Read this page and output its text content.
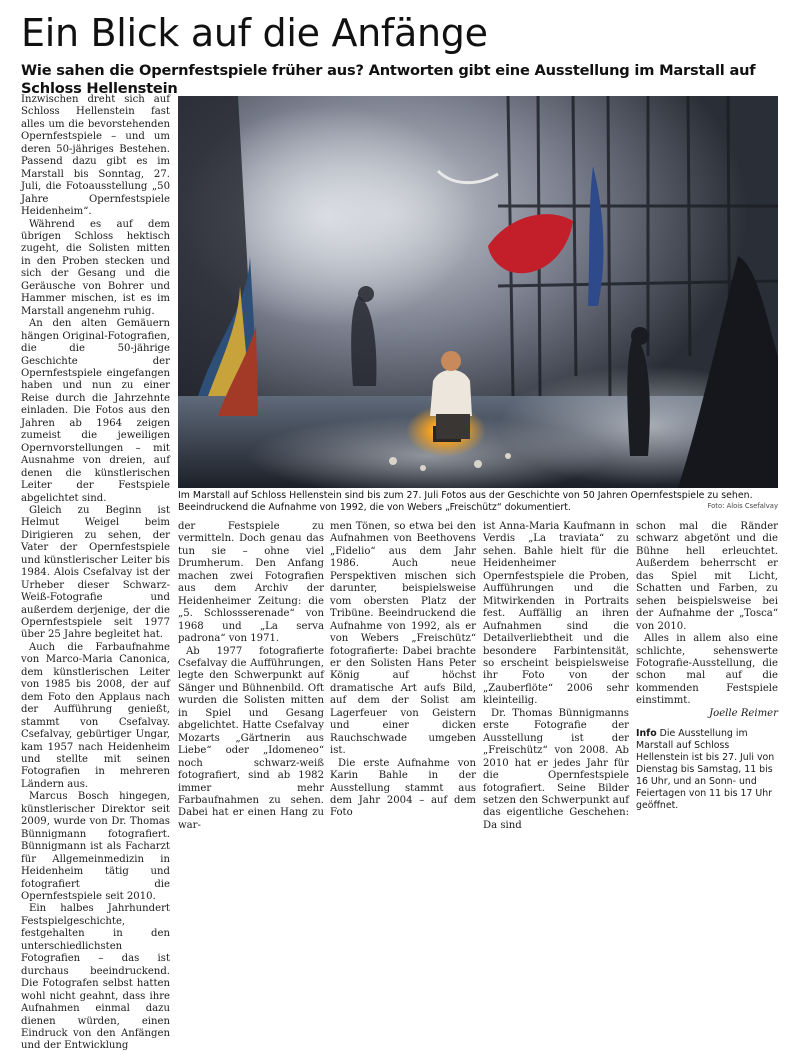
Ein Blick auf die Anfänge
Wie sahen die Opernfestspiele früher aus? Antworten gibt eine Ausstellung im Marstall auf Schloss Hellenstein

Inzwischen dreht sich auf Schloss Hellenstein fast alles um die bevorstehenden Opernfestspiele – und um deren 50-jähriges Bestehen. Passend dazu gibt es im Marstall bis Sonntag, 27. Juli, die Fotoausstellung „50 Jahre Opernfestspiele Heidenheim“.

Während es auf dem übrigen Schloss hektisch zugeht, die Solisten mitten in den Proben stecken und sich der Gesang und die Geräusche von Bohrer und Hammer mischen, ist es im Marstall angenehm ruhig.

An den alten Gemäuern hängen Original-Fotografien, die die 50-jährige Geschichte der Opernfestspiele eingefangen haben und nun zu einer Reise durch die Jahrzehnte einladen. Die Fotos aus den Jahren ab 1964 zeigen zumeist die jeweiligen Opernvorstellungen – mit Ausnahme von dreien, auf denen die künstlerischen Leiter der Festspiele abgelichtet sind.

Gleich zu Beginn ist Helmut Weigel beim Dirigieren zu sehen, der Vater der Opernfestspiele und künstlerischer Leiter bis 1984. Alois Csefalvay ist der Urheber dieser Schwarz-Weiß-Fotografie und außerdem derjenige, der die Opernfestspiele seit 1977 über 25 Jahre begleitet hat.

Auch die Farbaufnahme von Marco-Maria Canonica, dem künstlerischen Leiter von 1985 bis 2008, der auf dem Foto den Applaus nach der Aufführung genießt, stammt von Csefalvay. Csefalvay, gebürtiger Ungar, kam 1957 nach Heidenheim und stellte mit seinen Fotografien in mehreren Ländern aus.

Marcus Bosch hingegen, künstlerischer Direktor seit 2009, wurde von Dr. Thomas Bünnigmann fotografiert. Bünnigmann ist als Facharzt für Allgemeinmedizin in Heidenheim tätig und fotografiert die Opernfestspiele seit 2010.

Ein halbes Jahrhundert Festspielgeschichte, festgehalten in den unterschiedlichsten Fotografien – das ist durchaus beeindruckend. Die Fotografen selbst hatten wohl nicht geahnt, dass ihre Aufnahmen einmal dazu dienen würden, einen Eindruck von den Anfängen und der Entwicklung

Im Marstall auf Schloss Hellenstein sind bis zum 27. Juli Fotos aus der Geschichte von 50 Jahren Opernfestspiele zu sehen. Beeindruckend die Aufnahme von 1992, die von Webers „Freischütz“ dokumentiert.	Foto: Alois Csefalvay

der Festspiele zu vermitteln. Doch genau das tun sie – ohne viel Drumherum. Den Anfang machen zwei Fotografien aus dem Archiv der Heidenheimer Zeitung: die „5. Schlossserenade“ von 1968 und „La serva padrona“ von 1971.

Ab 1977 fotografierte Csefalvay die Aufführungen, legte den Schwerpunkt auf Sänger und Bühnenbild. Oft wurden die Solisten mitten in Spiel und Gesang abgelichtet. Hatte Csefalvay Mozarts „Gärtnerin aus Liebe“ oder „Idomeneo“ noch schwarz-weiß fotografiert, sind ab 1982 immer mehr Farbaufnahmen zu sehen. Dabei hat er einen Hang zu war-

men Tönen, so etwa bei den Aufnahmen von Beethovens „Fidelio“ aus dem Jahr 1986. Auch neue Perspektiven mischen sich darunter, beispielsweise vom obersten Platz der Tribüne. Beeindruckend die Aufnahme von 1992, als er von Webers „Freischütz“ fotografierte: Dabei brachte er den Solisten Hans Peter König auf höchst dramatische Art aufs Bild, auf dem der Solist am Lagerfeuer von Geistern und einer dicken Rauchschwade umgeben ist.

Die erste Aufnahme von Karin Bahle in der Ausstellung stammt aus dem Jahr 2004 – auf dem Foto

ist Anna-Maria Kaufmann in Verdis „La traviata“ zu sehen. Bahle hielt für die Heidenheimer Opernfestspiele die Proben, Aufführungen und die Mitwirkenden in Portraits fest. Auffällig an ihren Aufnahmen sind die Detailverliebtheit und die besondere Farbintensität, so erscheint beispielsweise ihr Foto von der „Zauberflöte“ 2006 sehr kleinteilig.

Dr. Thomas Bünnigmanns erste Fotografie der Ausstellung ist der „Freischütz“ von 2008. Ab 2010 hat er jedes Jahr für die Opernfestspiele fotografiert. Seine Bilder setzen den Schwerpunkt auf das eigentliche Geschehen: Da sind

schon mal die Ränder schwarz abgetönt und die Bühne hell erleuchtet. Außerdem beherrscht er das Spiel mit Licht, Schatten und Farben, zu sehen beispielsweise bei der Aufnahme der „Tosca“ von 2010.

Alles in allem also eine schlichte, sehenswerte Fotografie-Ausstellung, die schon mal auf die kommenden Festspiele einstimmt.

Joelle Reimer
Info Die Ausstellung im Marstall auf Schloss Hellenstein ist bis 27. Juli von Dienstag bis Samstag, 11 bis 16 Uhr, und an Sonn- und Feiertagen von 11 bis 17 Uhr geöffnet.
